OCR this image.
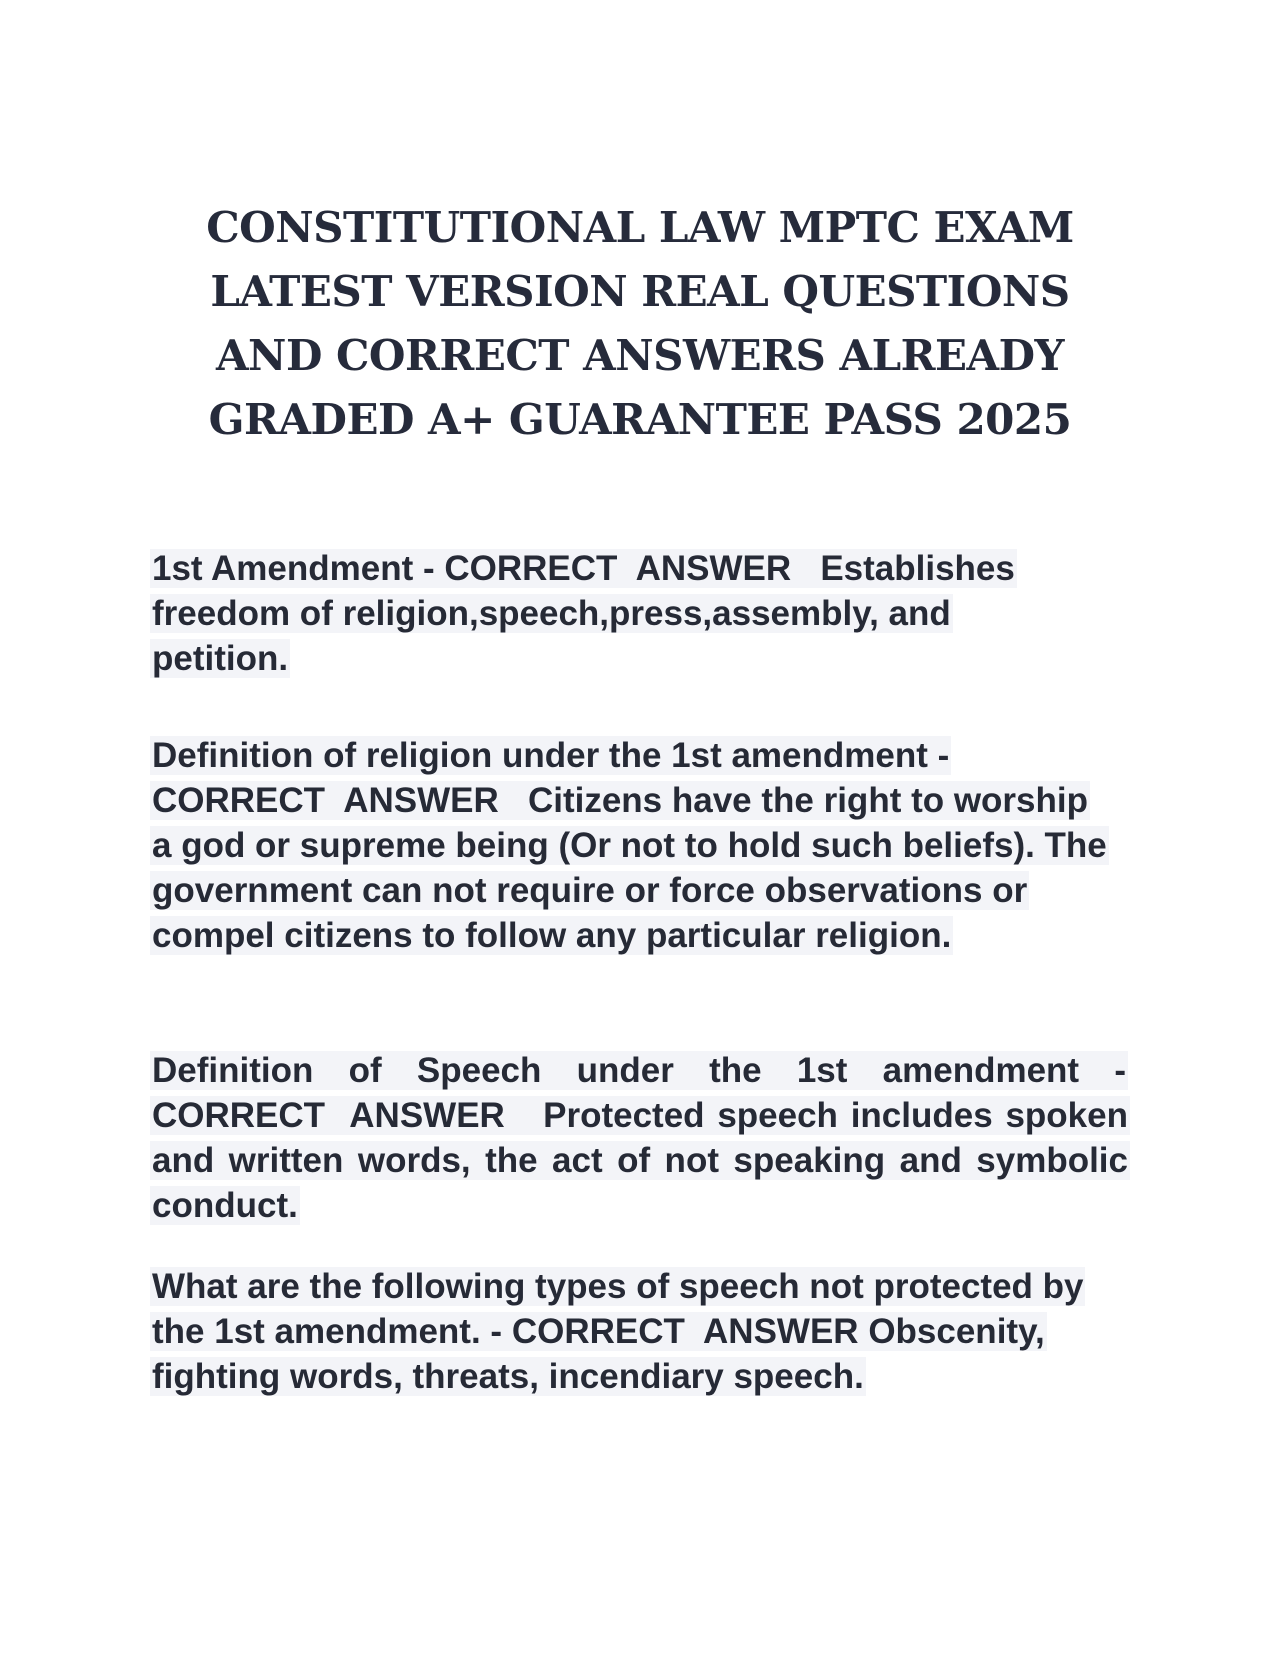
CONSTITUTIONAL LAW MPTC EXAM
LATEST VERSION REAL QUESTIONS
AND CORRECT ANSWERS ALREADY
GRADED A+ GUARANTEE PASS 2025

1st Amendment - CORRECT  ANSWER Establishes freedom of religion,speech,press,assembly, and petition.

Definition of religion under the 1st amendment - CORRECT  ANSWER Citizens have the right to worship a god or supreme being (Or not to hold such beliefs). The government can not require or force observations or compel citizens to follow any particular religion.

Definition of Speech under the 1st amendment - CORRECT  ANSWER Protected speech includes spoken and written words, the act of not speaking and symbolic conduct.

What are the following types of speech not protected by the 1st amendment. - CORRECT  ANSWER Obscenity, fighting words, threats, incendiary speech.
